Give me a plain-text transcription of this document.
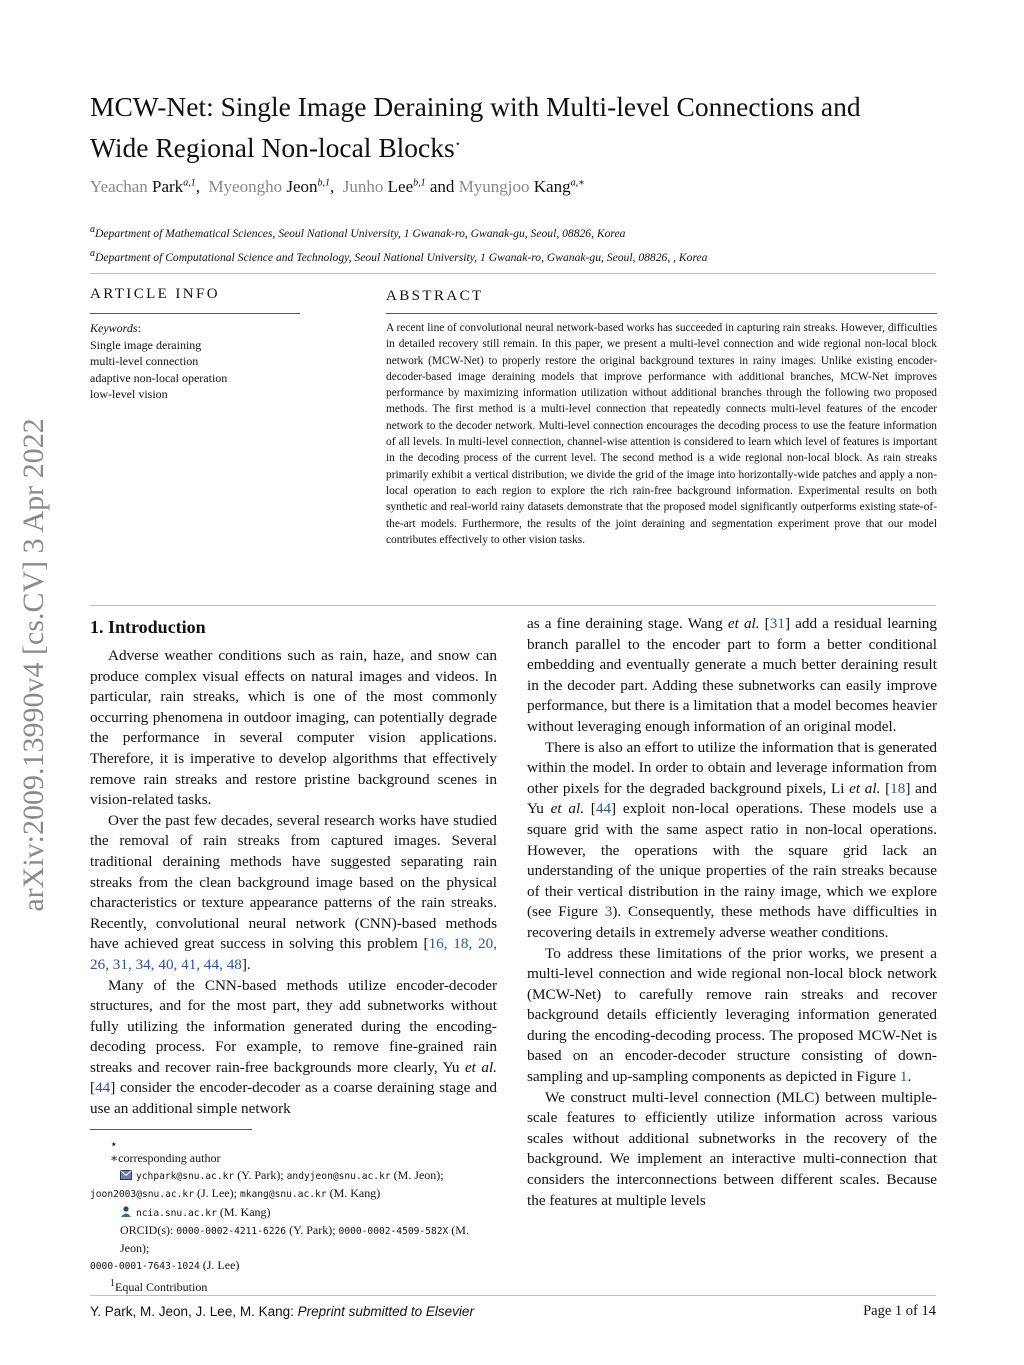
arXiv:2009.13990v4 [cs.CV] 3 Apr 2022
MCW-Net: Single Image Deraining with Multi-level Connections and
Wide Regional Non-local Blocks⋆
Yeachan Park$^{a,1}$,  Myeongho Jeon$^{b,1}$,  Junho Lee$^{b,1}$ and Myungjoo Kang$^{a,∗}$
$^a$Department of Mathematical Sciences, Seoul National University, 1 Gwanak-ro, Gwanak-gu, Seoul, 08826, Korea
$^a$Department of Computational Science and Technology, Seoul National University, 1 Gwanak-ro, Gwanak-gu, Seoul, 08826, , Korea
ARTICLE INFO
Keywords:
Single image deraining
multi-level connection
adaptive non-local operation
low-level vision
ABSTRACT
A recent line of convolutional neural network-based works has succeeded in capturing rain streaks. However, difficulties in detailed recovery still remain. In this paper, we present a multi-level connection and wide regional non-local block network (MCW-Net) to properly restore the original background textures in rainy images. Unlike existing encoder-decoder-based image deraining models that improve performance with additional branches, MCW-Net improves performance by maximizing information utilization without additional branches through the following two proposed methods. The first method is a multi-level connection that repeatedly connects multi-level features of the encoder network to the decoder network. Multi-level connection encourages the decoding process to use the feature information of all levels. In multi-level connection, channel-wise attention is considered to learn which level of features is important in the decoding process of the current level. The second method is a wide regional non-local block. As rain streaks primarily exhibit a vertical distribution, we divide the grid of the image into horizontally-wide patches and apply a non-local operation to each region to explore the rich rain-free background information. Experimental results on both synthetic and real-world rainy datasets demonstrate that the proposed model significantly outperforms existing state-of-the-art models. Furthermore, the results of the joint deraining and segmentation experiment prove that our model contributes effectively to other vision tasks.
1. Introduction

Adverse weather conditions such as rain, haze, and snow can produce complex visual effects on natural images and videos. In particular, rain streaks, which is one of the most commonly occurring phenomena in outdoor imaging, can potentially degrade the performance in several computer vision applications. Therefore, it is imperative to develop algorithms that effectively remove rain streaks and restore pristine background scenes in vision-related tasks.

Over the past few decades, several research works have studied the removal of rain streaks from captured images. Several traditional deraining methods have suggested separating rain streaks from the clean background image based on the physical characteristics or texture appearance patterns of the rain streaks. Recently, convolutional neural network (CNN)-based methods have achieved great success in solving this problem [16, 18, 20, 26, 31, 34, 40, 41, 44, 48].

Many of the CNN-based methods utilize encoder-decoder structures, and for the most part, they add subnetworks without fully utilizing the information generated during the encoding-decoding process. For example, to remove fine-grained rain streaks and recover rain-free backgrounds more clearly, Yu et al. [44] consider the encoder-decoder as a coarse deraining stage and use an additional simple network

⋆
∗corresponding author
ychpark@snu.ac.kr (Y. Park); andyjeon@snu.ac.kr (M. Jeon);
joon2003@snu.ac.kr (J. Lee); mkang@snu.ac.kr (M. Kang)
ncia.snu.ac.kr (M. Kang)
ORCID(s): 0000-0002-4211-6226 (Y. Park); 0000-0002-4509-582X (M. Jeon);
0000-0001-7643-1024 (J. Lee)
$^1$Equal Contribution

as a fine deraining stage. Wang et al. [31] add a residual learning branch parallel to the encoder part to form a better conditional embedding and eventually generate a much better deraining result in the decoder part. Adding these subnetworks can easily improve performance, but there is a limitation that a model becomes heavier without leveraging enough information of an original model.

There is also an effort to utilize the information that is generated within the model. In order to obtain and leverage information from other pixels for the degraded background pixels, Li et al. [18] and Yu et al. [44] exploit non-local operations. These models use a square grid with the same aspect ratio in non-local operations. However, the operations with the square grid lack an understanding of the unique properties of the rain streaks because of their vertical distribution in the rainy image, which we explore (see Figure 3). Consequently, these methods have difficulties in recovering details in extremely adverse weather conditions.

To address these limitations of the prior works, we present a multi-level connection and wide regional non-local block network (MCW-Net) to carefully remove rain streaks and recover background details efficiently leveraging information generated during the encoding-decoding process. The proposed MCW-Net is based on an encoder-decoder structure consisting of down-sampling and up-sampling components as depicted in Figure 1.

We construct multi-level connection (MLC) between multiple-scale features to efficiently utilize information across various scales without additional subnetworks in the recovery of the background. We implement an interactive multi-connection that considers the interconnections between different scales. Because the features at multiple levels

Y. Park, M. Jeon, J. Lee, M. Kang: Preprint submitted to Elsevier	Page 1 of 14
